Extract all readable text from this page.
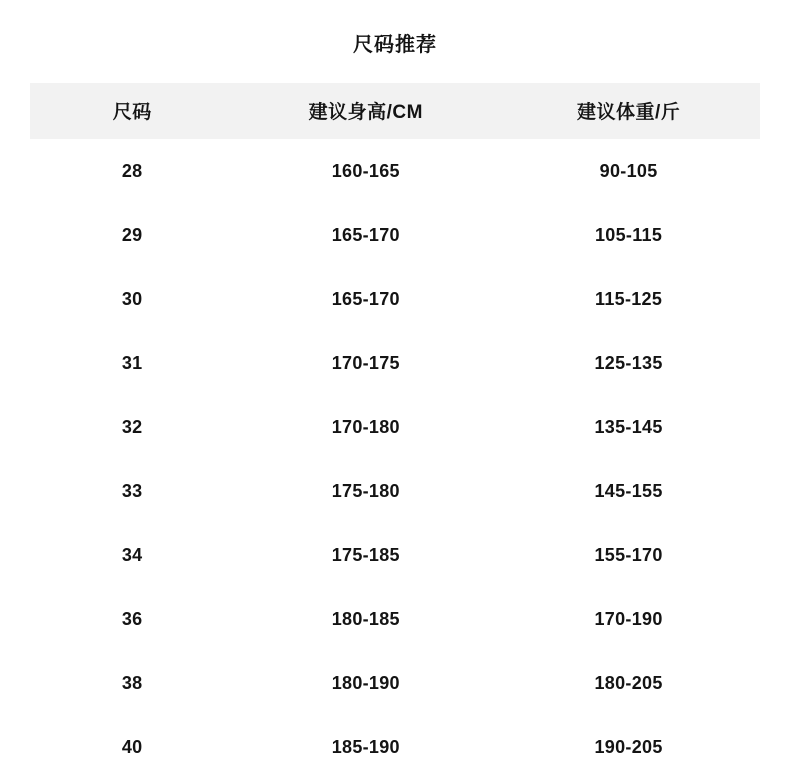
尺码推荐
尺码	建议身高/CM	建议体重/斤
28	160-165	90-105
29	165-170	105-115
30	165-170	115-125
31	170-175	125-135
32	170-180	135-145
33	175-180	145-155
34	175-185	155-170
36	180-185	170-190
38	180-190	180-205
40	185-190	190-205
